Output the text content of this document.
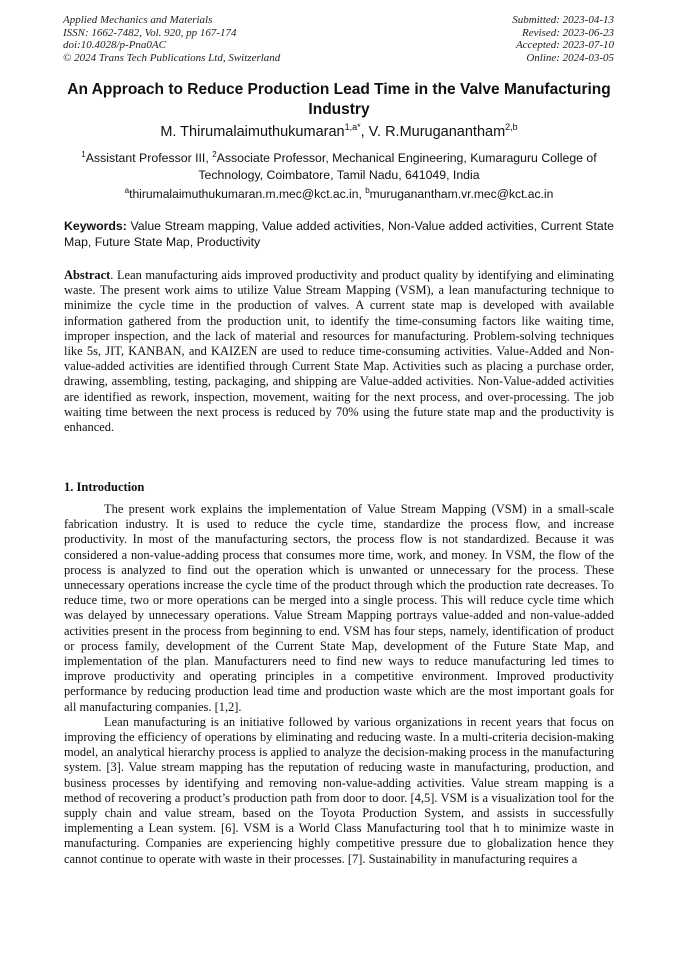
Applied Mechanics and Materials
ISSN: 1662-7482, Vol. 920, pp 167-174
doi:10.4028/p-Pna0AC
© 2024 Trans Tech Publications Ltd, Switzerland
Submitted: 2023-04-13
Revised: 2023-06-23
Accepted: 2023-07-10
Online: 2024-03-05
An Approach to Reduce Production Lead Time in the Valve Manufacturing Industry
M. Thirumalaimuthukumaran$^{1,a*}$, V. R.Muruganantham$^{2,b}$
$^1$Assistant Professor III, $^2$Associate Professor, Mechanical Engineering, Kumaraguru College of Technology, Coimbatore, Tamil Nadu, 641049, India
$^a$thirumalaimuthukumaran.m.mec@kct.ac.in, $^b$muruganantham.vr.mec@kct.ac.in
Keywords: Value Stream mapping, Value added activities, Non-Value added activities, Current State Map, Future State Map, Productivity
Abstract. Lean manufacturing aids improved productivity and product quality by identifying and eliminating waste. The present work aims to utilize Value Stream Mapping (VSM), a lean manufacturing technique to minimize the cycle time in the production of valves. A current state map is developed with available information gathered from the production unit, to identify the time-consuming factors like waiting time, improper inspection, and the lack of material and resources for manufacturing. Problem-solving techniques like 5s, JIT, KANBAN, and KAIZEN are used to reduce time-consuming activities. Value-Added and Non-value-added activities are identified through Current State Map. Activities such as placing a purchase order, drawing, assembling, testing, packaging, and shipping are Value-added activities. Non-Value-added activities are identified as rework, inspection, movement, waiting for the next process, and over-processing. The job waiting time between the next process is reduced by 70% using the future state map and the productivity is enhanced.
1. Introduction

The present work explains the implementation of Value Stream Mapping (VSM) in a small-scale fabrication industry. It is used to reduce the cycle time, standardize the process flow, and increase productivity. In most of the manufacturing sectors, the process flow is not standardized. Because it was considered a non-value-adding process that consumes more time, work, and money. In VSM, the flow of the process is analyzed to find out the operation which is unwanted or unnecessary for the process. These unnecessary operations increase the cycle time of the product through which the production rate decreases. To reduce time, two or more operations can be merged into a single process. This will reduce cycle time which was delayed by unnecessary operations. Value Stream Mapping portrays value-added and non-value-added activities present in the process from beginning to end. VSM has four steps, namely, identification of product or process family, development of the Current State Map, development of the Future State Map, and implementation of the plan. Manufacturers need to find new ways to reduce manufacturing led times to improve productivity and operating principles in a competitive environment. Improved productivity performance by reducing production lead time and production waste which are the most important goals for all manufacturing companies. [1,2].

Lean manufacturing is an initiative followed by various organizations in recent years that focus on improving the efficiency of operations by eliminating and reducing waste. In a multi-criteria decision-making model, an analytical hierarchy process is applied to analyze the decision-making process in the manufacturing system. [3]. Value stream mapping has the reputation of reducing waste in manufacturing, production, and business processes by identifying and removing non-value-adding activities. Value stream mapping is a method of recovering a product’s production path from door to door. [4,5]. VSM is a visualization tool for the supply chain and value stream, based on the Toyota Production System, and assists in successfully implementing a Lean system. [6]. VSM is a World Class Manufacturing tool that h to minimize waste in manufacturing. Companies are experiencing highly competitive pressure due to globalization hence they cannot continue to operate with waste in their processes. [7]. Sustainability in manufacturing requires a
